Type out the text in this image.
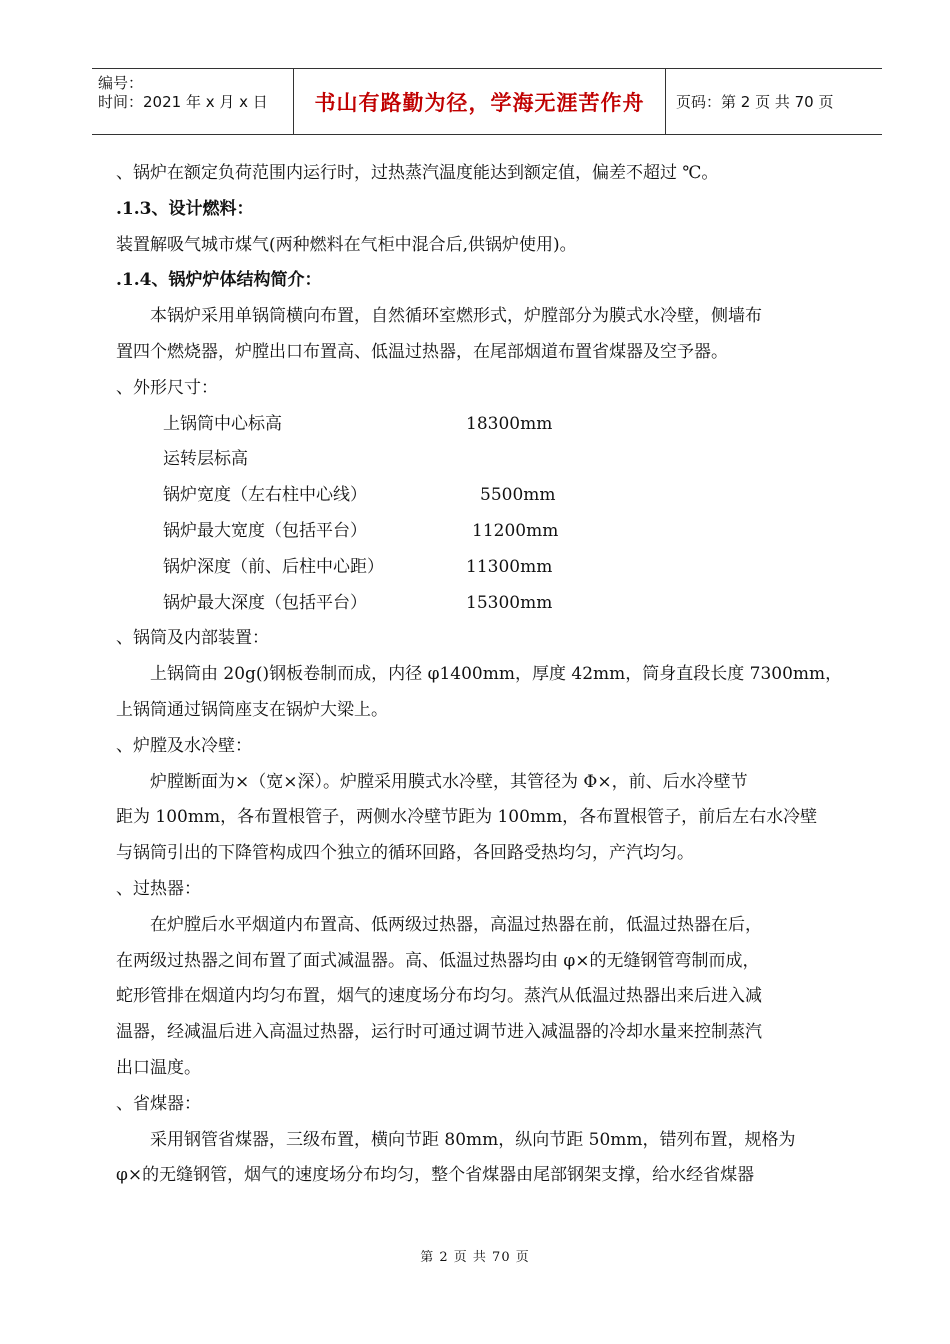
编号：
时间：2021 年 x 月 x 日	书山有路勤为径，学海无涯苦作舟	页码：第 2 页 共 70 页

、锅炉在额定负荷范围内运行时，过热蒸汽温度能达到额定值，偏差不超过 ℃。

.1.3、设计燃料：

装置解吸气城市煤气(两种燃料在气柜中混合后,供锅炉使用)。

.1.4、锅炉炉体结构简介：

本锅炉采用单锅筒横向布置，自然循环室燃形式，炉膛部分为膜式水冷壁，侧墙布

置四个燃烧器，炉膛出口布置高、低温过热器，在尾部烟道布置省煤器及空予器。

、外形尺寸：

上锅筒中心标高	18300mm
运转层标高
锅炉宽度（左右柱中心线）	5500mm
锅炉最大宽度（包括平台）	11200mm
锅炉深度（前、后柱中心距）	11300mm
锅炉最大深度（包括平台）	15300mm

、锅筒及内部装置：

上锅筒由 20g()钢板卷制而成，内径 φ1400mm，厚度 42mm，筒身直段长度 7300mm，

上锅筒通过锅筒座支在锅炉大梁上。

、炉膛及水冷壁：

炉膛断面为×（宽×深）。炉膛采用膜式水冷壁，其管径为 Φ×，前、后水冷壁节

距为 100mm，各布置根管子，两侧水冷壁节距为 100mm，各布置根管子，前后左右水冷壁

与锅筒引出的下降管构成四个独立的循环回路，各回路受热均匀，产汽均匀。

、过热器：

在炉膛后水平烟道内布置高、低两级过热器，高温过热器在前，低温过热器在后，

在两级过热器之间布置了面式减温器。高、低温过热器均由 φ×的无缝钢管弯制而成，

蛇形管排在烟道内均匀布置，烟气的速度场分布均匀。蒸汽从低温过热器出来后进入减

温器，经减温后进入高温过热器，运行时可通过调节进入减温器的冷却水量来控制蒸汽

出口温度。

、省煤器：

采用钢管省煤器，三级布置，横向节距 80mm，纵向节距 50mm，错列布置，规格为

φ×的无缝钢管，烟气的速度场分布均匀，整个省煤器由尾部钢架支撑，给水经省煤器

第 2 页 共 70 页
